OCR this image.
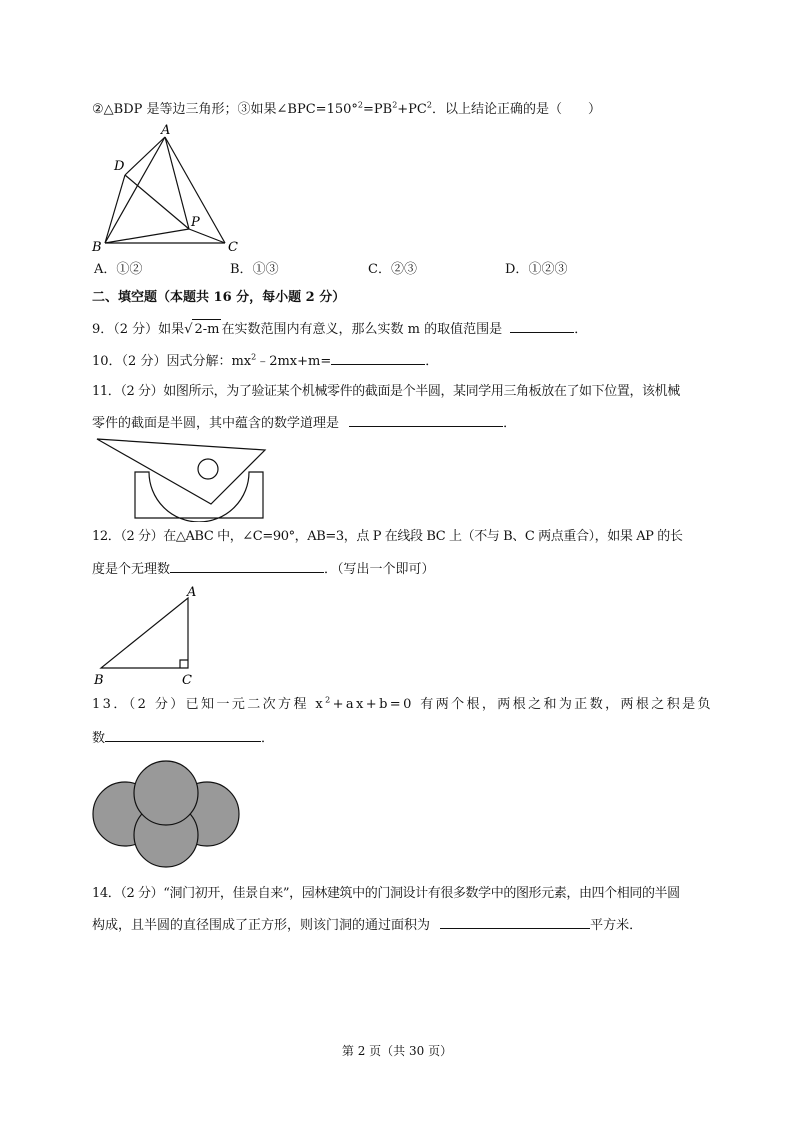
②△BDP 是等边三角形；③如果$\angle BPC=150^\circ^2=PB^2+PC^2$．以上结论正确的是（　　）
A
B	C
D
P
A．①②	B．①③	C．②③	D．①②③
二、填空题（本题共 16 分，每小题 2 分）
9．（2 分）如果√ 2-m 在实数范围内有意义，那么实数 m 的取值范围是	．
10．（2 分）因式分解：$mx^2﹣2mx+m=$	．
11．（2 分）如图所示，为了验证某个机械零件的截面是个半圆，某同学用三角板放在了如下位置，该机械
零件的截面是半圆，其中蕴含的数学道理是	．
12．（2 分）在△ABC 中，∠C=90°，AB=3，点 P 在线段 BC 上（不与 B、C 两点重合），如果 AP 的长
度是个无理数	．（写出一个即可）
A
B	C
13．（2 分）已知一元二次方程 $x^2+ax+b=0$ 有两个根，两根之和为正数，两根之积是负
数	．
14．（2 分）“洞门初开，佳景自来”，园林建筑中的门洞设计有很多数学中的图形元素，由四个相同的半圆
构成，且半圆的直径围成了正方形，则该门洞的通过面积为	平方米．
第 2 页（共 30 页）
